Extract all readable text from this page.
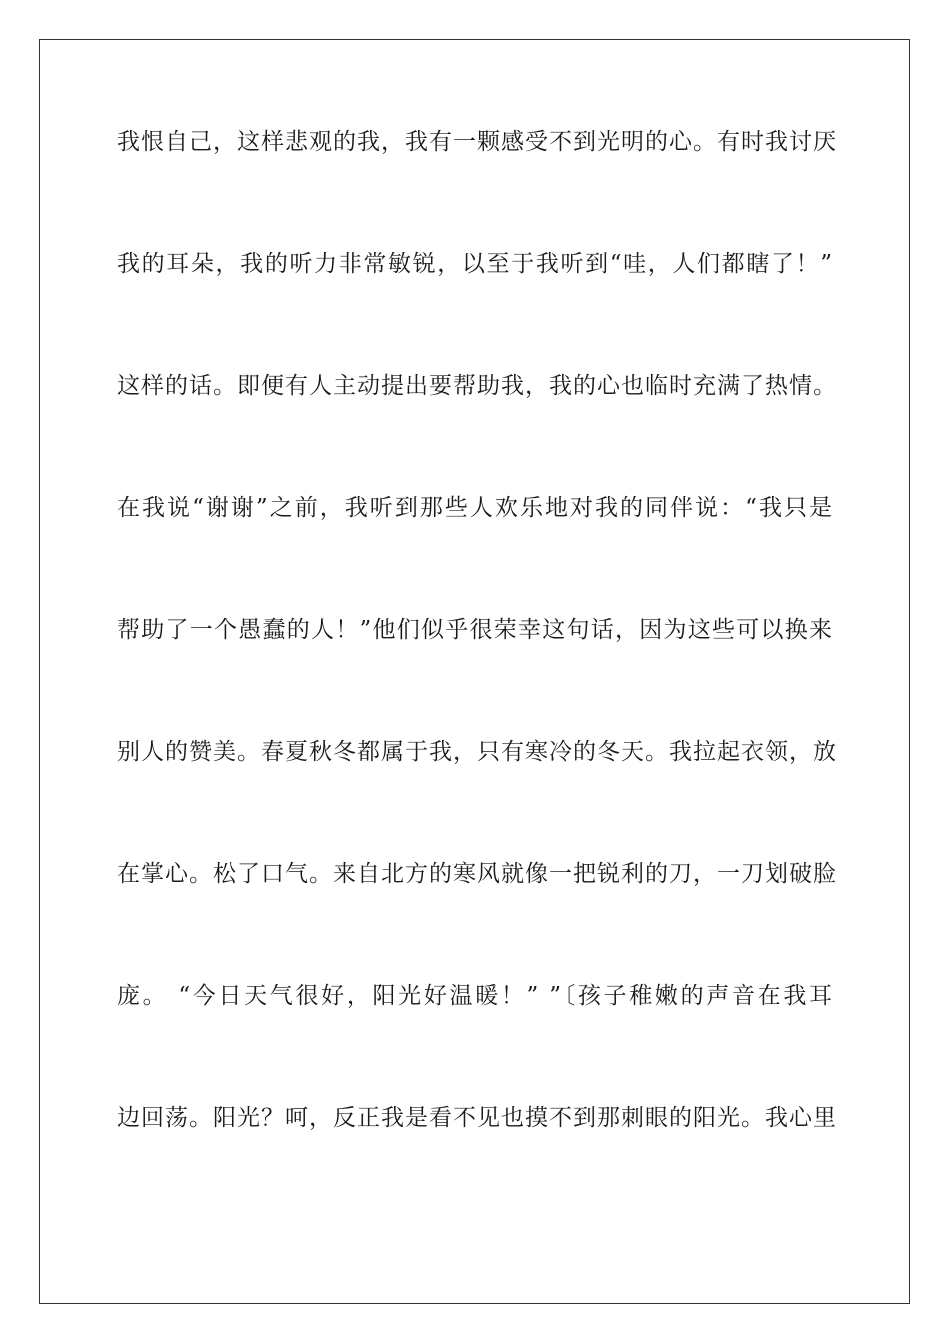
我恨自己，这样悲观的我，我有一颗感受不到光明的心。有时我讨厌
我的耳朵，我的听力非常敏锐，以至于我听到“哇，人们都瞎了！”
这样的话。即便有人主动提出要帮助我，我的心也临时充满了热情。
在我说“谢谢”之前，我听到那些人欢乐地对我的同伴说：“我只是
帮助了一个愚蠢的人！”他们似乎很荣幸这句话，因为这些可以换来
别人的赞美。春夏秋冬都属于我，只有寒冷的冬天。我拉起衣领，放
在掌心。松了口气。来自北方的寒风就像一把锐利的刀，一刀划破脸
庞。 “今日天气很好，阳光好温暖！” ”〔孩子稚嫩的声音在我耳
边回荡。阳光？呵，反正我是看不见也摸不到那刺眼的阳光。我心里
